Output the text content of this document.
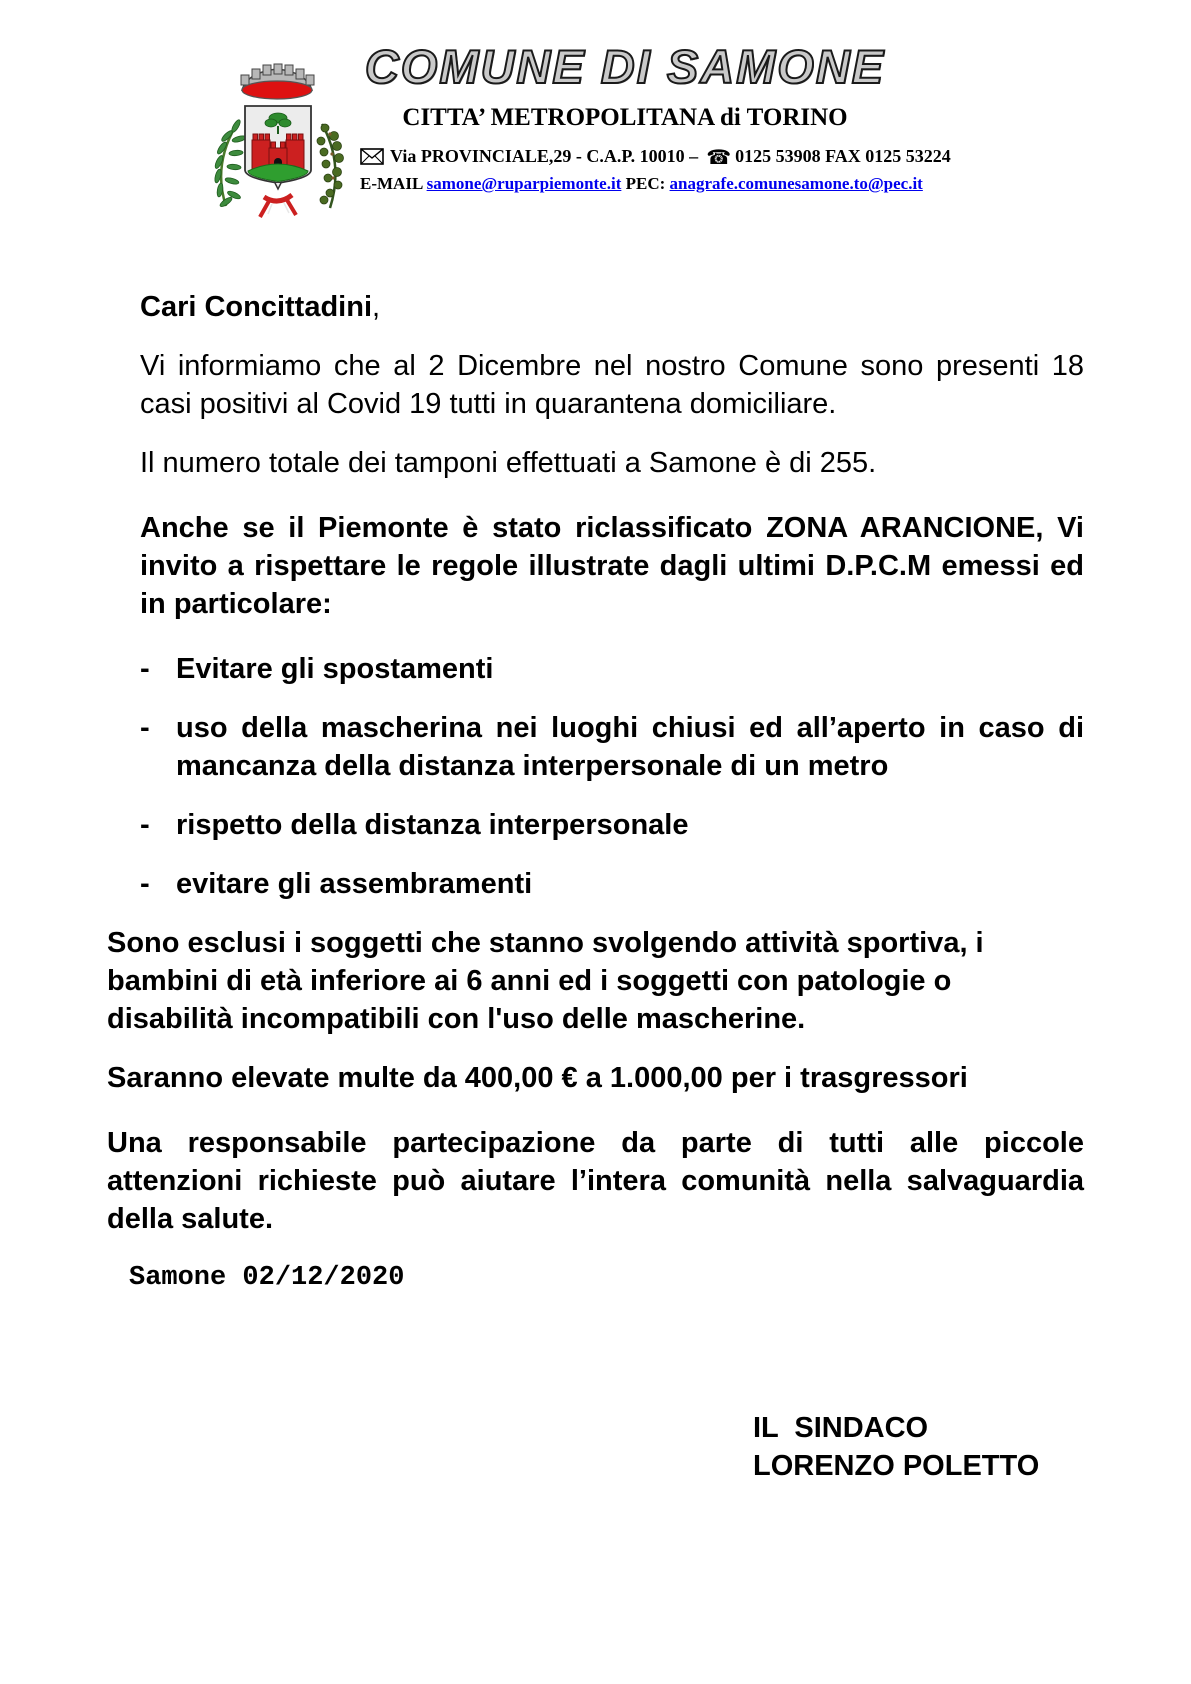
COMUNE DI SAMONE
CITTA’ METROPOLITANA di TORINO
Via PROVINCIALE,29 - C.A.P. 10010 – ☎ 0125 53908 FAX 0125 53224
E-MAIL samone@ruparpiemonte.it PEC: anagrafe.comunesamone.to@pec.it

Cari Concittadini,

Vi informiamo che al 2 Dicembre nel nostro Comune sono presenti 18 casi positivi al Covid 19 tutti in quarantena domiciliare.

Il numero totale dei tamponi effettuati a Samone è di 255.

Anche se il Piemonte è stato riclassificato ZONA ARANCIONE, Vi invito a rispettare le regole illustrate dagli ultimi D.P.C.M emessi ed in particolare:

- Evitare gli spostamenti
- uso della mascherina nei luoghi chiusi ed all’aperto in caso di mancanza della distanza interpersonale di un metro
- rispetto della distanza interpersonale
- evitare gli assembramenti

Sono esclusi i soggetti che stanno svolgendo attività sportiva, i bambini di età inferiore ai 6 anni ed i soggetti con patologie o disabilità incompatibili con l'uso delle mascherine.

Saranno elevate multe da 400,00 € a 1.000,00 per i trasgressori

Una responsabile partecipazione da parte di tutti alle piccole attenzioni richieste può aiutare l’intera comunità nella salvaguardia della salute.

Samone 02/12/2020

IL  SINDACO
LORENZO POLETTO
